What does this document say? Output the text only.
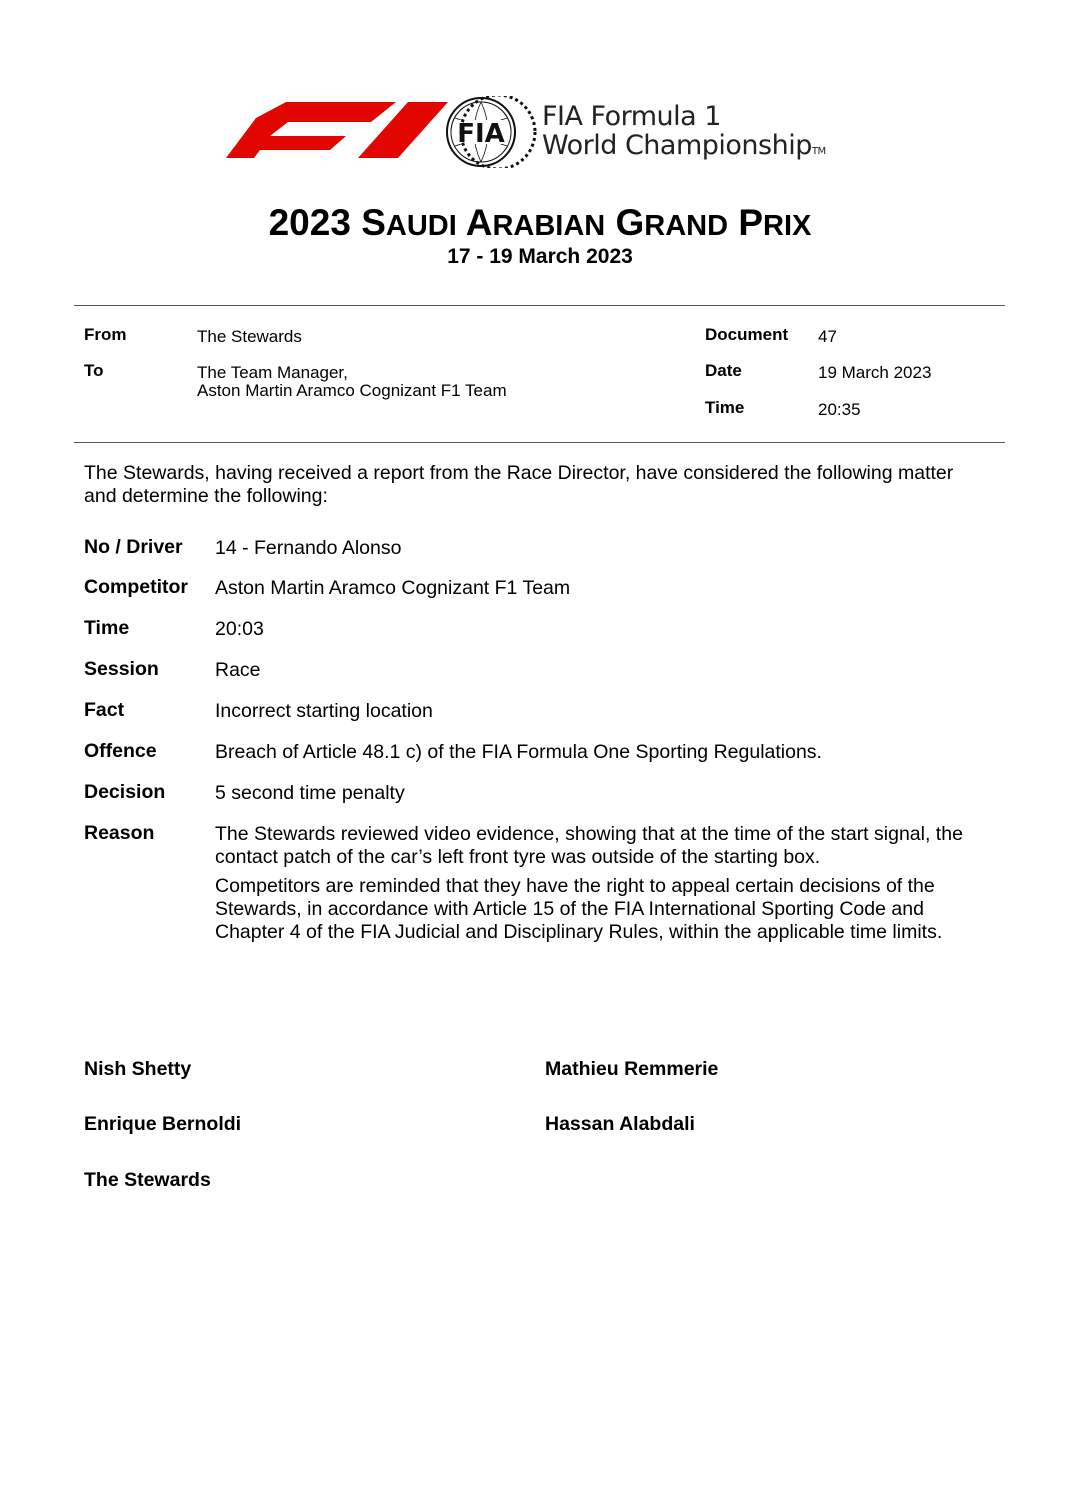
FIA
FIA Formula 1
World ChampionshipTM
2023 SAUDI ARABIAN GRAND PRIX
17 - 19 March 2023
From	The Stewards
To	The Team Manager,
Aston Martin Aramco Cognizant F1 Team
Document 47
Date	19 March 2023
Time	20:35
The Stewards, having received a report from the Race Director, have considered the following matter and determine the following:
No / Driver 14 - Fernando Alonso
Competitor Aston Martin Aramco Cognizant F1 Team
Time	20:03
Session	Race
Fact	Incorrect starting location
Offence	Breach of Article 48.1 c) of the FIA Formula One Sporting Regulations.
Decision	5 second time penalty
Reason	The Stewards reviewed video evidence, showing that at the time of the start signal, the contact patch of the car’s left front tyre was outside of the starting box.
Competitors are reminded that they have the right to appeal certain decisions of the Stewards, in accordance with Article 15 of the FIA International Sporting Code and Chapter 4 of the FIA Judicial and Disciplinary Rules, within the applicable time limits.
Nish Shetty	Mathieu Remmerie
Enrique Bernoldi	Hassan Alabdali
The Stewards
